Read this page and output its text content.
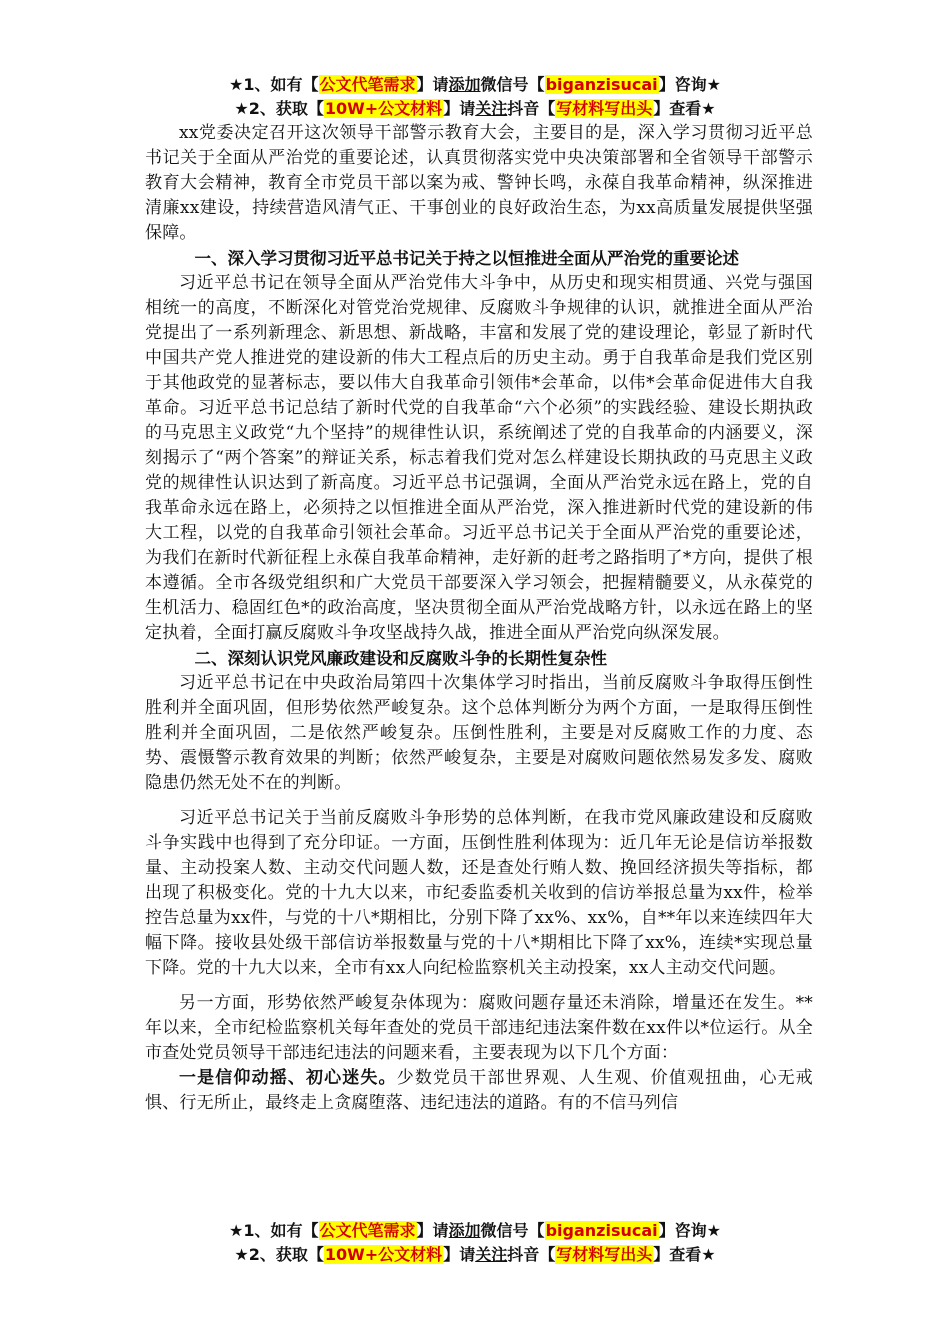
★1、如有【公文代笔需求】请添加微信号【biganzisucai】咨询★
★2、获取【10W+公文材料】请关注抖音【写材料写出头】查看★

xx党委决定召开这次领导干部警示教育大会，主要目的是，深入学习贯彻习近平总书记关于全面从严治党的重要论述，认真贯彻落实党中央决策部署和全省领导干部警示教育大会精神，教育全市党员干部以案为戒、警钟长鸣，永葆自我革命精神，纵深推进清廉xx建设，持续营造风清气正、干事创业的良好政治生态，为xx高质量发展提供坚强保障。

一、深入学习贯彻习近平总书记关于持之以恒推进全面从严治党的重要论述

习近平总书记在领导全面从严治党伟大斗争中，从历史和现实相贯通、兴党与强国相统一的高度，不断深化对管党治党规律、反腐败斗争规律的认识，就推进全面从严治党提出了一系列新理念、新思想、新战略，丰富和发展了党的建设理论，彰显了新时代中国共产党人推进党的建设新的伟大工程点后的历史主动。勇于自我革命是我们党区别于其他政党的显著标志，要以伟大自我革命引领伟*会革命，以伟*会革命促进伟大自我革命。习近平总书记总结了新时代党的自我革命“六个必须”的实践经验、建设长期执政的马克思主义政党“九个坚持”的规律性认识，系统阐述了党的自我革命的内涵要义，深刻揭示了“两个答案”的辩证关系，标志着我们党对怎么样建设长期执政的马克思主义政党的规律性认识达到了新高度。习近平总书记强调，全面从严治党永远在路上，党的自我革命永远在路上，必须持之以恒推进全面从严治党，深入推进新时代党的建设新的伟大工程，以党的自我革命引领社会革命。习近平总书记关于全面从严治党的重要论述，为我们在新时代新征程上永葆自我革命精神，走好新的赶考之路指明了*方向，提供了根本遵循。全市各级党组织和广大党员干部要深入学习领会，把握精髓要义，从永葆党的生机活力、稳固红色*的政治高度，坚决贯彻全面从严治党战略方针，以永远在路上的坚定执着，全面打赢反腐败斗争攻坚战持久战，推进全面从严治党向纵深发展。

二、深刻认识党风廉政建设和反腐败斗争的长期性复杂性

习近平总书记在中央政治局第四十次集体学习时指出，当前反腐败斗争取得压倒性胜利并全面巩固，但形势依然严峻复杂。这个总体判断分为两个方面，一是取得压倒性胜利并全面巩固，二是依然严峻复杂。压倒性胜利，主要是对反腐败工作的力度、态势、震慑警示教育效果的判断；依然严峻复杂，主要是对腐败问题依然易发多发、腐败隐患仍然无处不在的判断。

习近平总书记关于当前反腐败斗争形势的总体判断，在我市党风廉政建设和反腐败斗争实践中也得到了充分印证。一方面，压倒性胜利体现为：近几年无论是信访举报数量、主动投案人数、主动交代问题人数，还是查处行贿人数、挽回经济损失等指标，都出现了积极变化。党的十九大以来，市纪委监委机关收到的信访举报总量为xx件，检举控告总量为xx件，与党的十八*期相比，分别下降了xx%、xx%，自**年以来连续四年大幅下降。接收县处级干部信访举报数量与党的十八*期相比下降了xx%，连续*实现总量下降。党的十九大以来，全市有xx人向纪检监察机关主动投案，xx人主动交代问题。

另一方面，形势依然严峻复杂体现为：腐败问题存量还未消除，增量还在发生。**年以来，全市纪检监察机关每年查处的党员干部违纪违法案件数在xx件以*位运行。从全市查处党员领导干部违纪违法的问题来看，主要表现为以下几个方面：

一是信仰动摇、初心迷失。少数党员干部世界观、人生观、价值观扭曲，心无戒惧、行无所止，最终走上贪腐堕落、违纪违法的道路。有的不信马列信

★1、如有【公文代笔需求】请添加微信号【biganzisucai】咨询★
★2、获取【10W+公文材料】请关注抖音【写材料写出头】查看★
